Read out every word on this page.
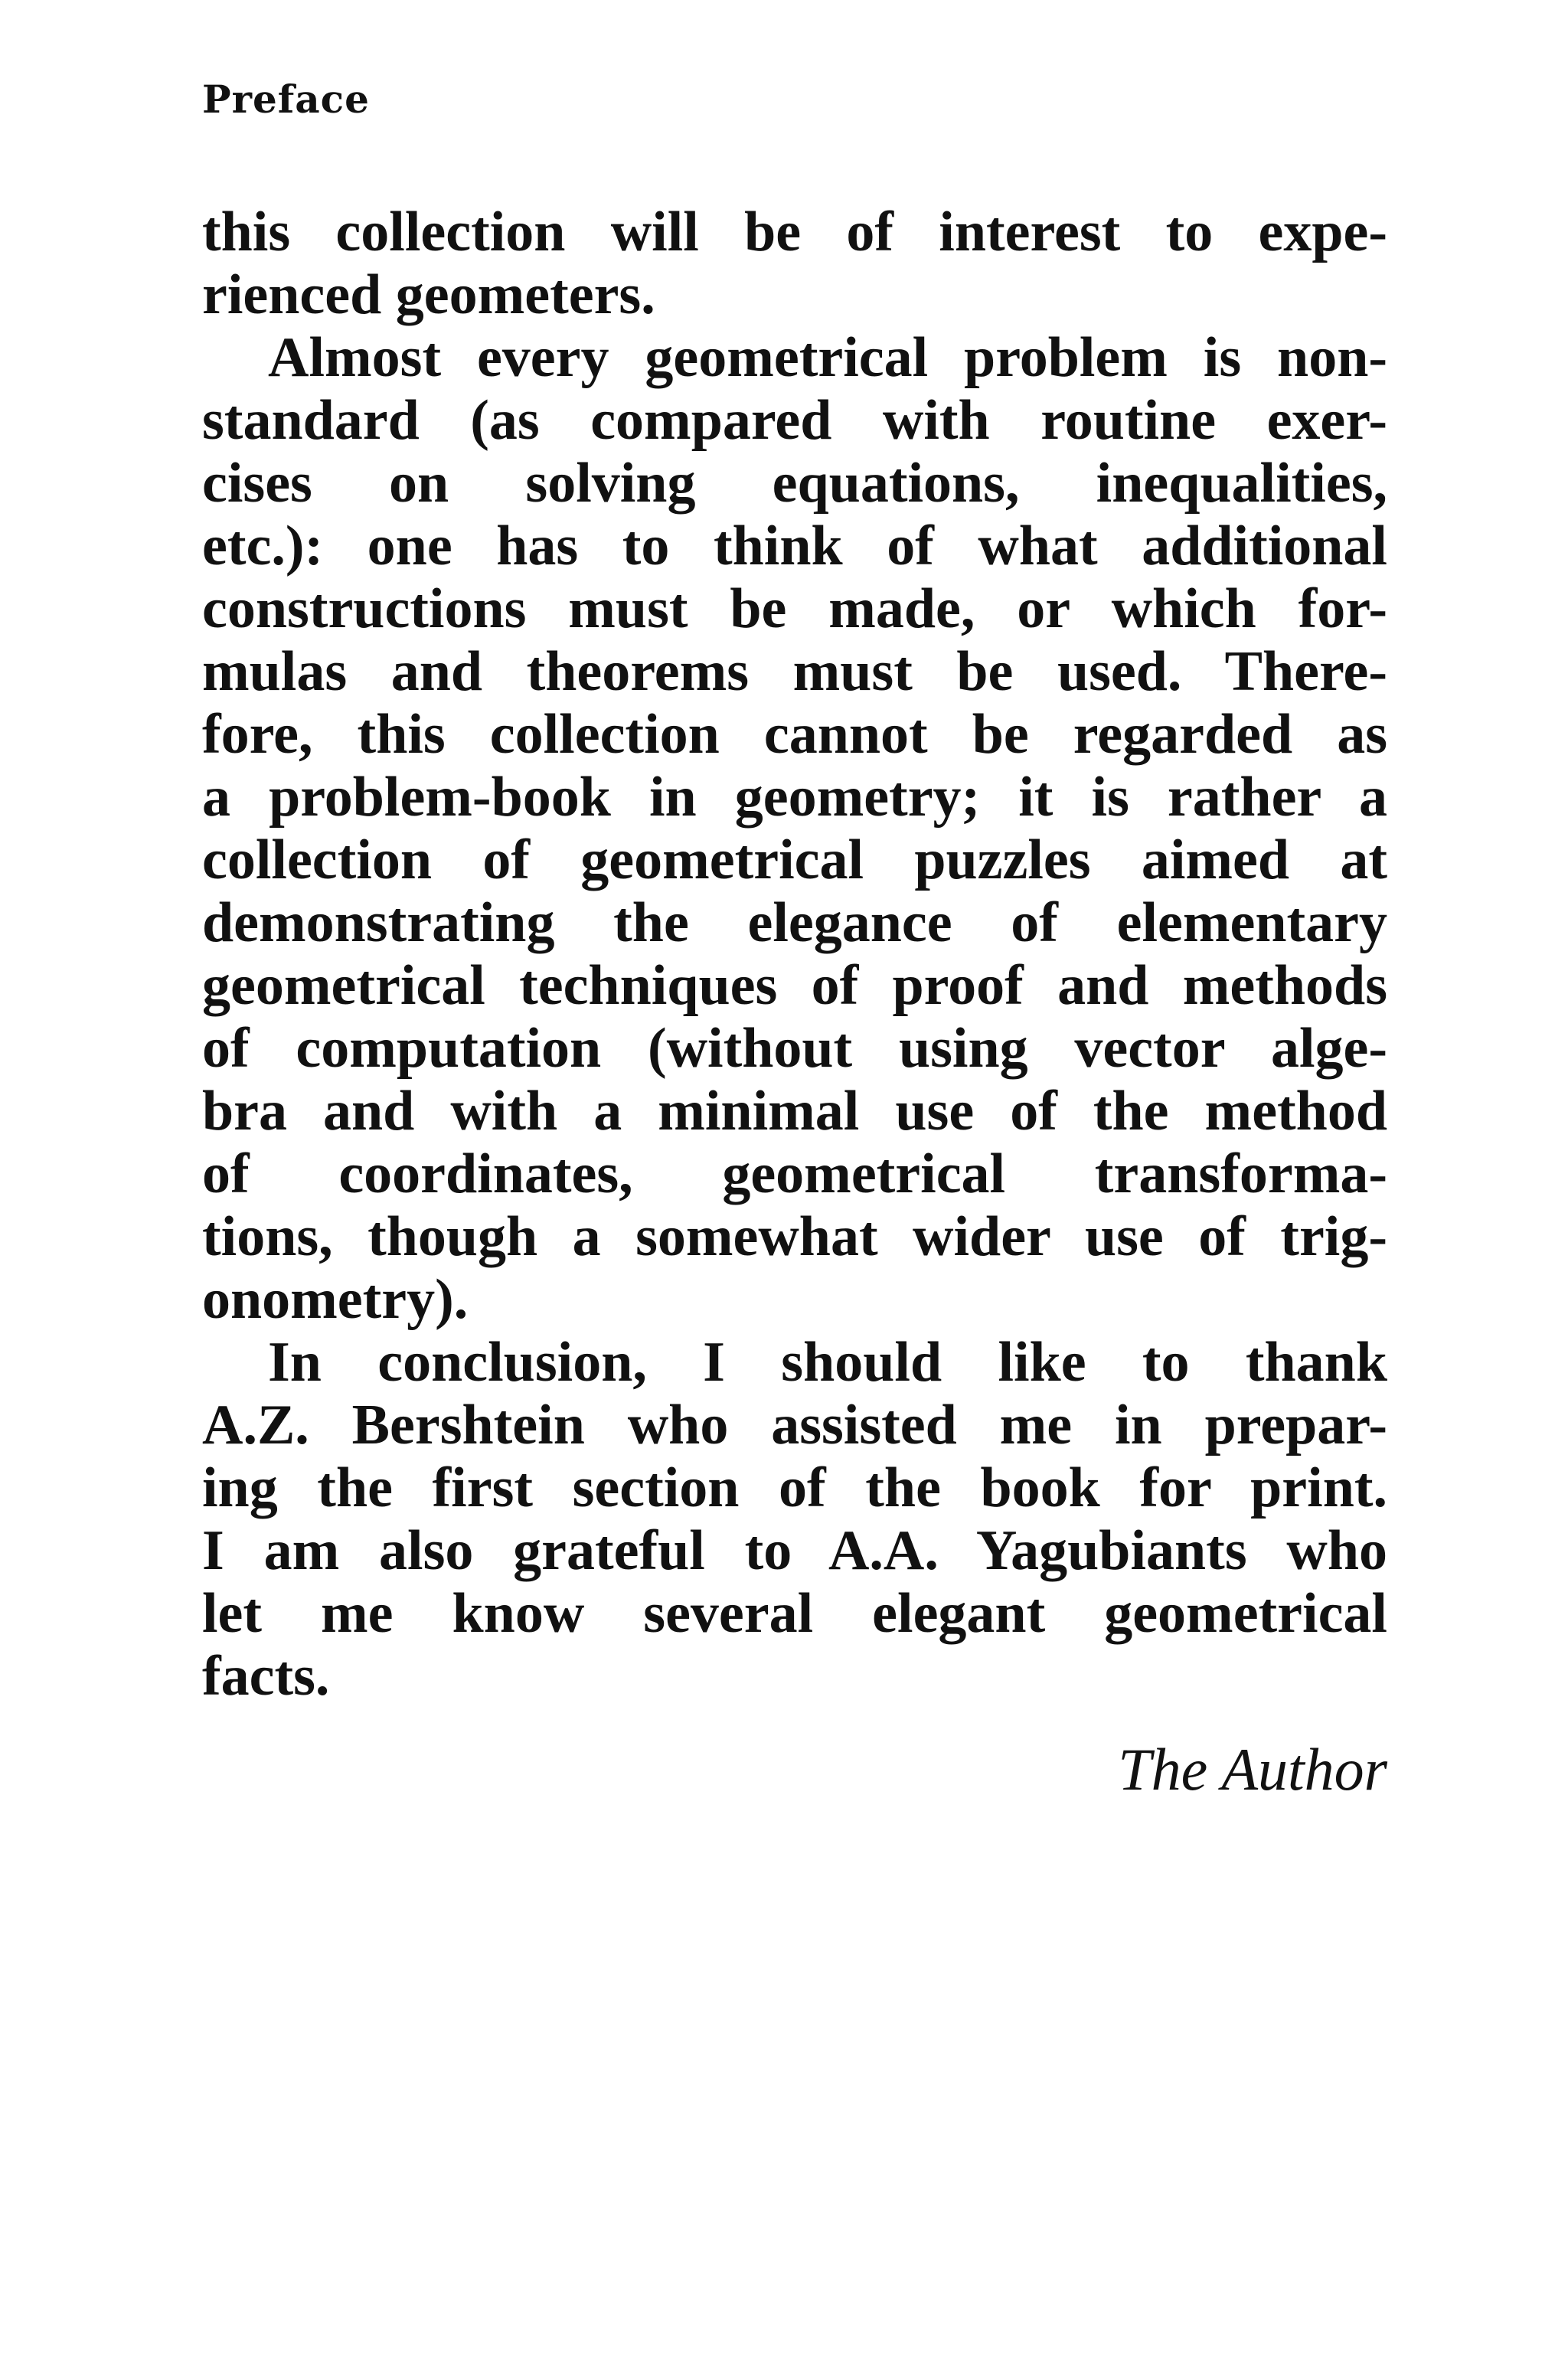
Preface

this collection will be of interest to expe-
rienced geometers.
Almost every geometrical problem is non-
standard (as compared with routine exer-
cises on solving equations, inequalities,
etc.): one has to think of what additional
constructions must be made, or which for-
mulas and theorems must be used. There-
fore, this collection cannot be regarded as
a problem-book in geometry; it is rather a
collection of geometrical puzzles aimed at
demonstrating the elegance of elementary
geometrical techniques of proof and methods
of computation (without using vector alge-
bra and with a minimal use of the method
of coordinates, geometrical transforma-
tions, though a somewhat wider use of trig-
onometry).
In conclusion, I should like to thank
A.Z. Bershtein who assisted me in prepar-
ing the first section of the book for print.
I am also grateful to A.A. Yagubiants who
let me know several elegant geometrical
facts.

The Author
